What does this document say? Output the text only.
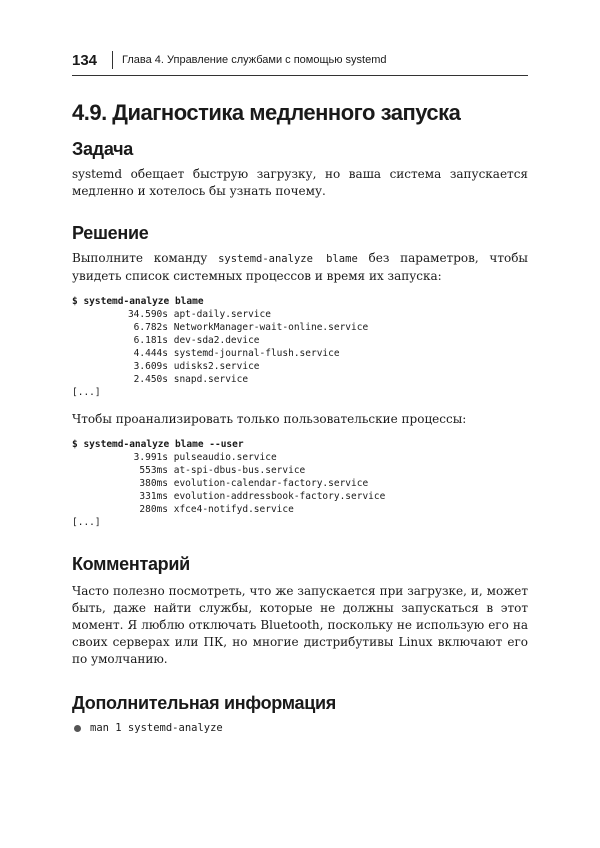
134 Глава 4. Управление службами с помощью systemd
4.9. Диагностика медленного запуска
Задача

systemd обещает быструю загрузку, но ваша система запускается медленно и хотелось бы узнать почему.

Решение

Выполните команду systemd-analyze blame без параметров, чтобы увидеть список системных процессов и время их запуска:

$ systemd-analyze blame
34.590s apt-daily.service
6.782s NetworkManager-wait-online.service
6.181s dev-sda2.device
4.444s systemd-journal-flush.service
3.609s udisks2.service
2.450s snapd.service
[...]

Чтобы проанализировать только пользовательские процессы:

$ systemd-analyze blame --user
3.991s pulseaudio.service
553ms at-spi-dbus-bus.service
380ms evolution-calendar-factory.service
331ms evolution-addressbook-factory.service
280ms xfce4-notifyd.service
[...]
Комментарий

Часто полезно посмотреть, что же запускается при загрузке, и, может быть, даже найти службы, которые не должны запускаться в этот момент. Я люблю отключать Bluetooth, поскольку не использую его на своих серверах или ПК, но многие дистрибутивы Linux включают его по умолчанию.

Дополнительная информация
man 1 systemd-analyze
